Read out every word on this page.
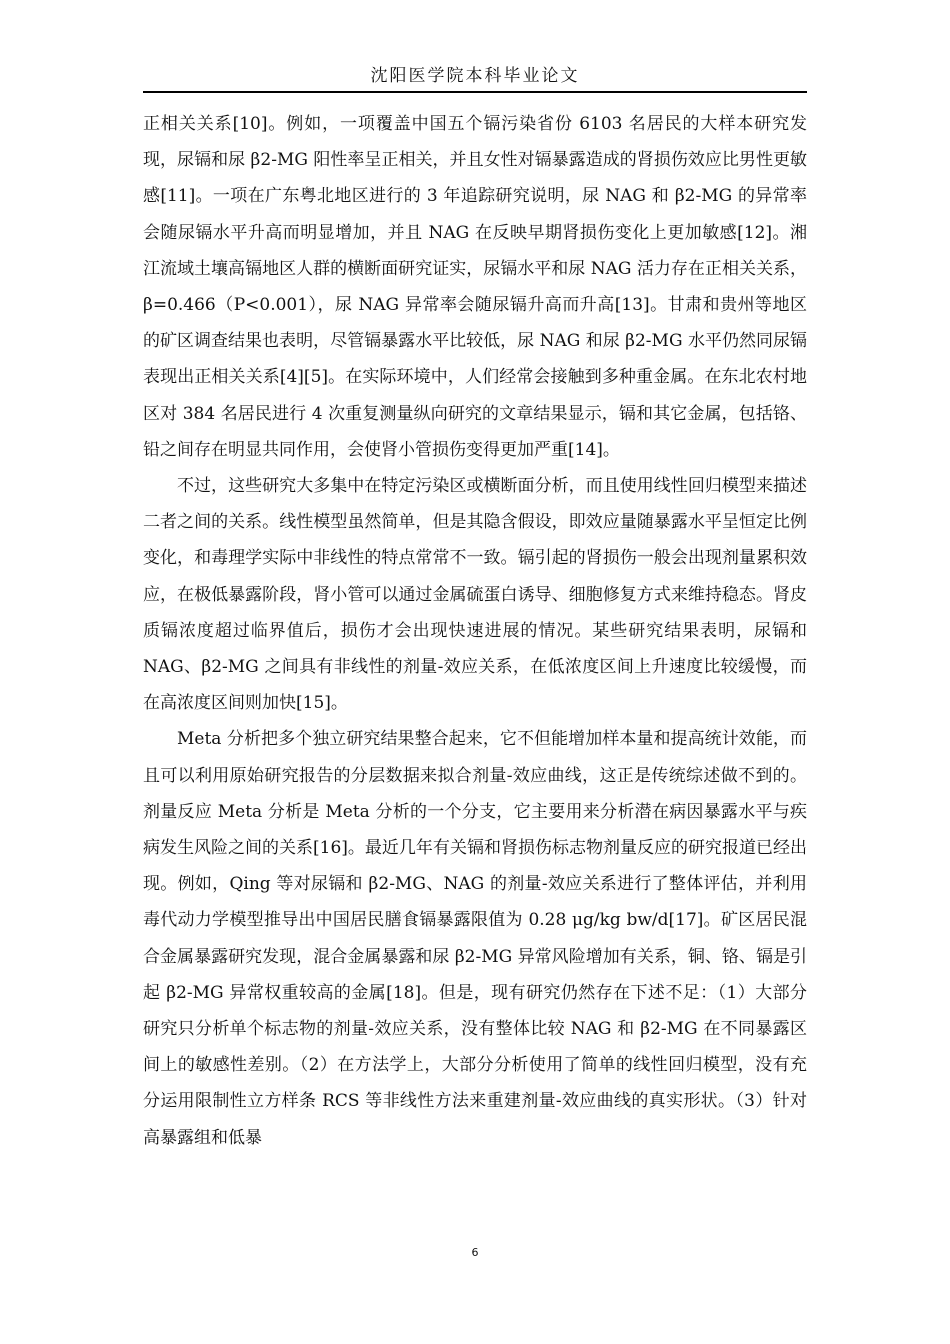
沈阳医学院本科毕业论文

正相关关系[10]。例如，一项覆盖中国五个镉污染省份 6103 名居民的大样本研究发现，尿镉和尿 β2-MG 阳性率呈正相关，并且女性对镉暴露造成的肾损伤效应比男性更敏感[11]。一项在广东粤北地区进行的 3 年追踪研究说明，尿 NAG 和 β2-MG 的异常率会随尿镉水平升高而明显增加，并且 NAG 在反映早期肾损伤变化上更加敏感[12]。湘江流域土壤高镉地区人群的横断面研究证实，尿镉水平和尿 NAG 活力存在正相关关系，β=0.466（P<0.001），尿 NAG 异常率会随尿镉升高而升高[13]。甘肃和贵州等地区的矿区调查结果也表明，尽管镉暴露水平比较低，尿 NAG 和尿 β2-MG 水平仍然同尿镉表现出正相关关系[4][5]。在实际环境中，人们经常会接触到多种重金属。在东北农村地区对 384 名居民进行 4 次重复测量纵向研究的文章结果显示，镉和其它金属，包括铬、铅之间存在明显共同作用，会使肾小管损伤变得更加严重[14]。

不过，这些研究大多集中在特定污染区或横断面分析，而且使用线性回归模型来描述二者之间的关系。线性模型虽然简单，但是其隐含假设，即效应量随暴露水平呈恒定比例变化，和毒理学实际中非线性的特点常常不一致。镉引起的肾损伤一般会出现剂量累积效应，在极低暴露阶段，肾小管可以通过金属硫蛋白诱导、细胞修复方式来维持稳态。肾皮质镉浓度超过临界值后，损伤才会出现快速进展的情况。某些研究结果表明，尿镉和 NAG、β2-MG 之间具有非线性的剂量-效应关系，在低浓度区间上升速度比较缓慢，而在高浓度区间则加快[15]。

Meta 分析把多个独立研究结果整合起来，它不但能增加样本量和提高统计效能，而且可以利用原始研究报告的分层数据来拟合剂量-效应曲线，这正是传统综述做不到的。剂量反应 Meta 分析是 Meta 分析的一个分支，它主要用来分析潜在病因暴露水平与疾病发生风险之间的关系[16]。最近几年有关镉和肾损伤标志物剂量反应的研究报道已经出现。例如，Qing 等对尿镉和 β2-MG、NAG 的剂量-效应关系进行了整体评估，并利用毒代动力学模型推导出中国居民膳食镉暴露限值为 0.28 μg/kg bw/d[17]。矿区居民混合金属暴露研究发现，混合金属暴露和尿 β2-MG 异常风险增加有关系，铜、铬、镉是引起 β2-MG 异常权重较高的金属[18]。但是，现有研究仍然存在下述不足：（1）大部分研究只分析单个标志物的剂量-效应关系，没有整体比较 NAG 和 β2-MG 在不同暴露区间上的敏感性差别。（2）在方法学上，大部分分析使用了简单的线性回归模型，没有充分运用限制性立方样条 RCS 等非线性方法来重建剂量-效应曲线的真实形状。（3）针对高暴露组和低暴

6
